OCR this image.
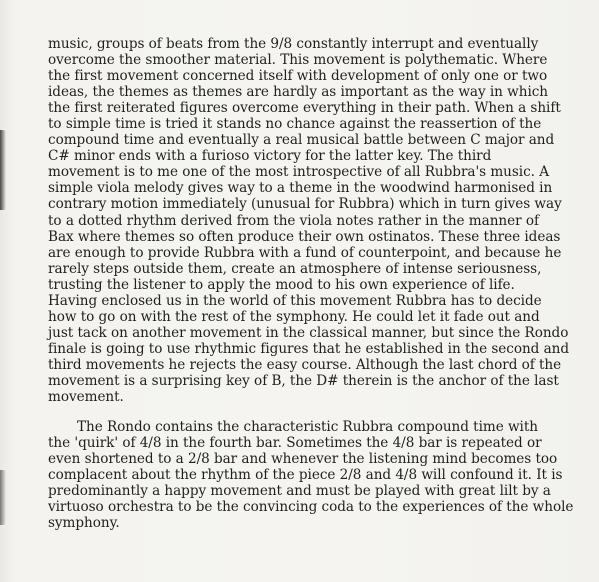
music, groups of beats from the 9/8 constantly interrupt and eventually
overcome the smoother material. This movement is polythematic. Where
the first movement concerned itself with development of only one or two
ideas, the themes as themes are hardly as important as the way in which
the first reiterated figures overcome everything in their path. When a shift
to simple time is tried it stands no chance against the reassertion of the
compound time and eventually a real musical battle between C major and
C# minor ends with a furioso victory for the latter key. The third
movement is to me one of the most introspective of all Rubbra's music. A
simple viola melody gives way to a theme in the woodwind harmonised in
contrary motion immediately (unusual for Rubbra) which in turn gives way
to a dotted rhythm derived from the viola notes rather in the manner of
Bax where themes so often produce their own ostinatos. These three ideas
are enough to provide Rubbra with a fund of counterpoint, and because he
rarely steps outside them, create an atmosphere of intense seriousness,
trusting the listener to apply the mood to his own experience of life.
Having enclosed us in the world of this movement Rubbra has to decide
how to go on with the rest of the symphony. He could let it fade out and
just tack on another movement in the classical manner, but since the Rondo
finale is going to use rhythmic figures that he established in the second and
third movements he rejects the easy course. Although the last chord of the
movement is a surprising key of B, the D# therein is the anchor of the last
movement.
The Rondo contains the characteristic Rubbra compound time with
the 'quirk' of 4/8 in the fourth bar. Sometimes the 4/8 bar is repeated or
even shortened to a 2/8 bar and whenever the listening mind becomes too
complacent about the rhythm of the piece 2/8 and 4/8 will confound it. It is
predominantly a happy movement and must be played with great lilt by a
virtuoso orchestra to be the convincing coda to the experiences of the whole
symphony.
